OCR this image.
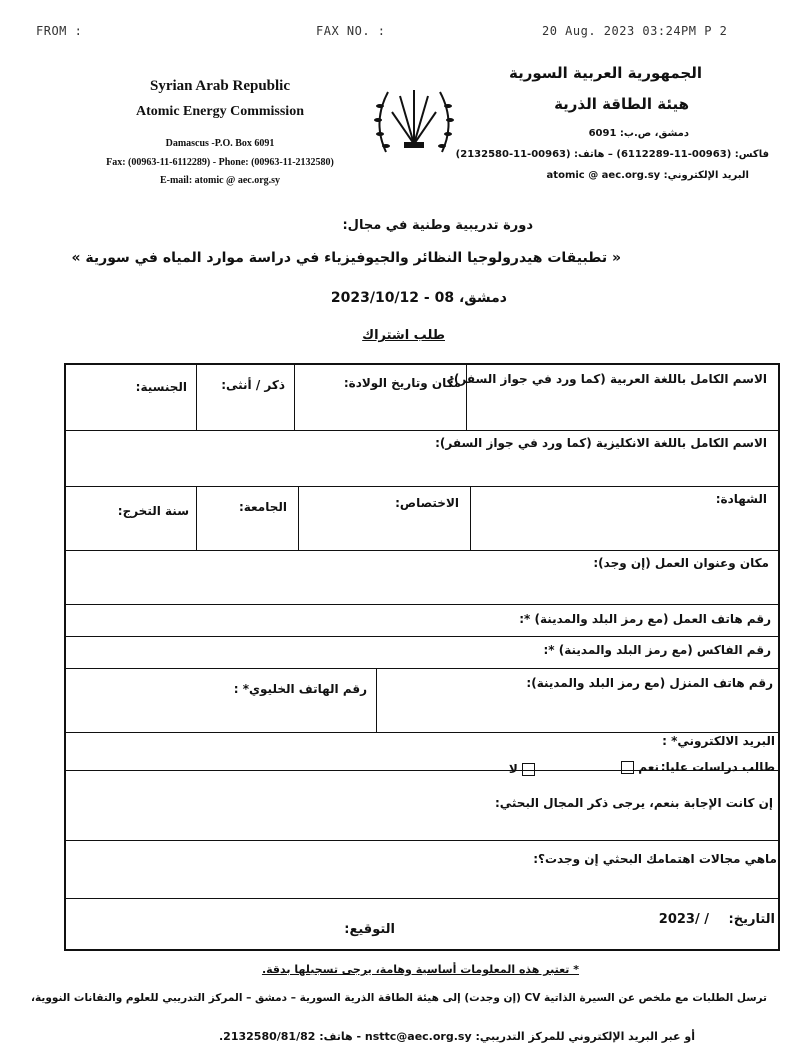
FROM :	FAX NO. :	20 Aug. 2023 03:24PM P 2
Syrian Arab Republic
Atomic Energy Commission
Damascus -P.O. Box 6091
Fax: (00963-11-6112289) - Phone: (00963-11-2132580)
E-mail: atomic @ aec.org.sy
الجمهورية العربية السورية
هيئة الطاقة الذرية
دمشق، ص.ب: 6091
فاكس: (00963-11-6112289) – هاتف: (00963-11-2132580)
البريد الإلكتروني: atomic @ aec.org.sy
دورة تدريبية وطنية في مجال:
« تطبيقات هيدرولوجيا النظائر والجيوفيزياء في دراسة موارد المياه في سورية »
دمشق، 08 - 2023/10/12
طلب اشتراك
الاسم الكامل باللغة العربية (كما ورد في جواز السفر):
مكان وتاريخ الولادة:
ذكر / أنثى:
الجنسية:
الاسم الكامل باللغة الانكليزية (كما ورد في جواز السفر):
الشهادة:
الاختصاص:
الجامعة:
سنة التخرج:
مكان وعنوان العمل (إن وجد):
رقم هاتف العمل (مع رمز البلد والمدينة) *:
رقم الفاكس (مع رمز البلد والمدينة) *:
رقم هاتف المنزل (مع رمز البلد والمدينة):
رقم الهاتف الخليوي* :
البريد الالكتروني* :
طالب دراسات عليا:
نعم
لا
إن كانت الإجابة بنعم، يرجى ذكر المجال البحثي:
ماهي مجالات اهتمامك البحثي إن وجدت؟:
التاريخ:
2023/ /
التوقيع:
* تعتبر هذه المعلومات أساسية وهامة، يرجى تسجيلها بدقة.
ترسل الطلبات مع ملخص عن السيرة الذاتية CV (إن وجدت) إلى هيئة الطاقة الذرية السورية – دمشق – المركز التدريبي للعلوم والتقانات النووية،
أو عبر البريد الإلكتروني للمركز التدريبي: nsttc@aec.org.sy - هاتف: 2132580/81/82.
